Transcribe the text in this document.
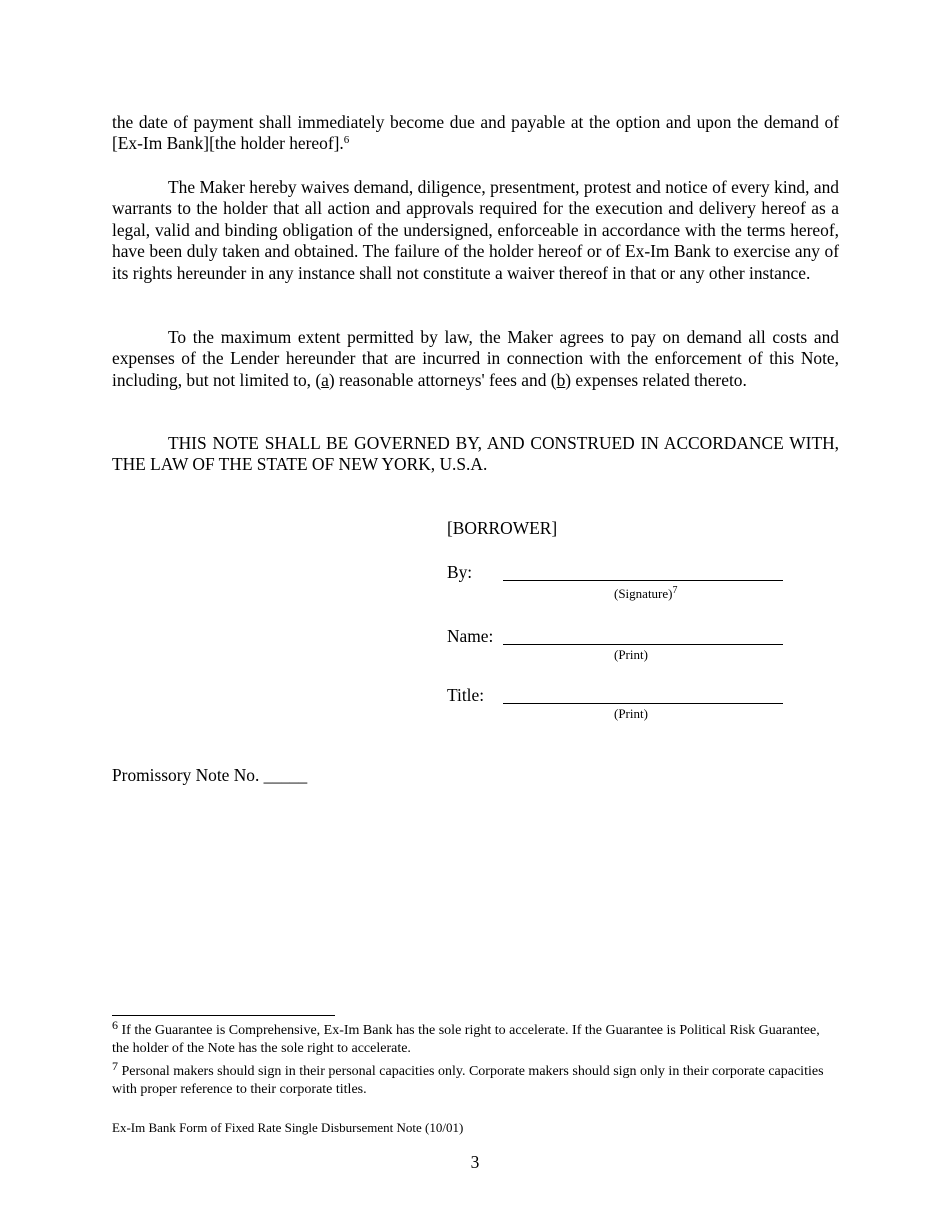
the date of payment shall immediately become due and payable at the option and upon the demand of [Ex-Im Bank][the holder hereof].$^6$

The Maker hereby waives demand, diligence, presentment, protest and notice of every kind, and warrants to the holder that all action and approvals required for the execution and delivery hereof as a legal, valid and binding obligation of the undersigned, enforceable in accordance with the terms hereof, have been duly taken and obtained. The failure of the holder hereof or of Ex-Im Bank to exercise any of its rights hereunder in any instance shall not constitute a waiver thereof in that or any other instance.

To the maximum extent permitted by law, the Maker agrees to pay on demand all costs and expenses of the Lender hereunder that are incurred in connection with the enforcement of this Note, including, but not limited to, (a) reasonable attorneys' fees and (b) expenses related thereto.

THIS NOTE SHALL BE GOVERNED BY, AND CONSTRUED IN ACCORDANCE WITH, THE LAW OF THE STATE OF NEW YORK, U.S.A.

[BORROWER]
By:
(Signature)$^7$
Name:
(Print)
Title:
(Print)
Promissory Note No. _____

$^6$ If the Guarantee is Comprehensive, Ex-Im Bank has the sole right to accelerate. If the Guarantee is Political Risk Guarantee, the holder of the Note has the sole right to accelerate.

$^7$ Personal makers should sign in their personal capacities only. Corporate makers should sign only in their corporate capacities with proper reference to their corporate titles.

Ex-Im Bank Form of Fixed Rate Single Disbursement Note (10/01)
3
